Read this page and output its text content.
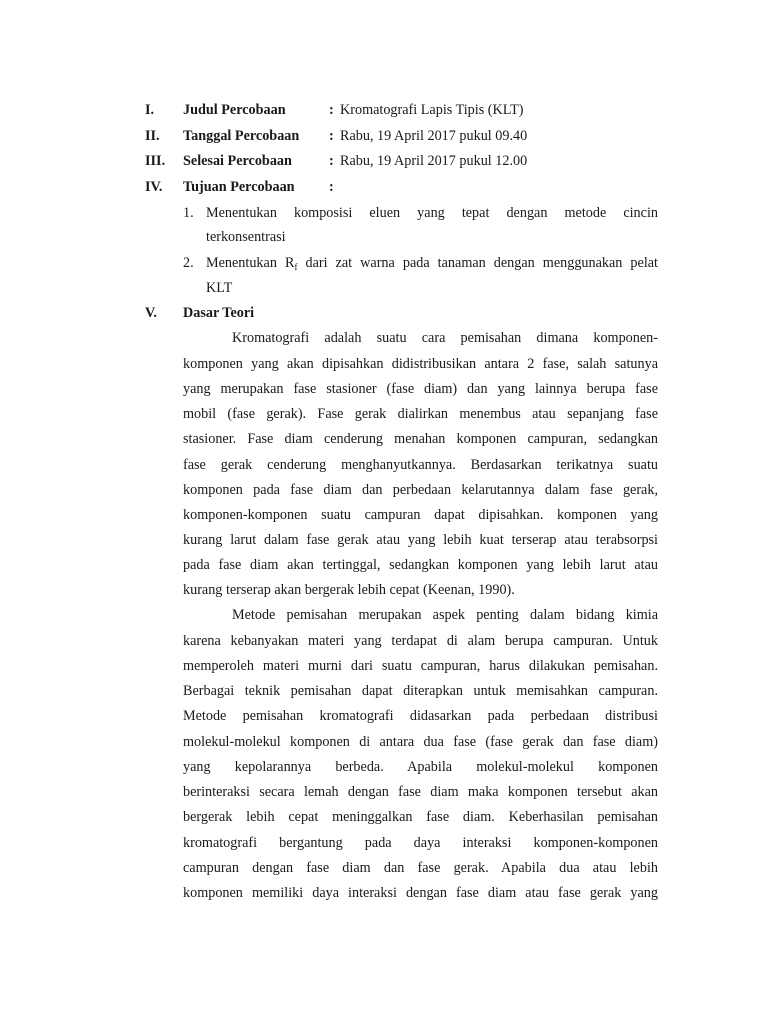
I. Judul Percobaan	: Kromatografi Lapis Tipis (KLT)
II. Tanggal Percobaan : Rabu, 19 April 2017 pukul 09.40
III. Selesai Percobaan	: Rabu, 19 April 2017 pukul 12.00
IV. Tujuan Percobaan :
1. Menentukan komposisi eluen yang tepat dengan metode cincin
terkonsentrasi
2. Menentukan $R_f$ dari zat warna pada tanaman dengan menggunakan pelat
KLT
V. Dasar Teori
Kromatografi adalah suatu cara pemisahan dimana komponen-
komponen yang akan dipisahkan didistribusikan antara 2 fase, salah satunya
yang merupakan fase stasioner (fase diam) dan yang lainnya berupa fase
mobil (fase gerak). Fase gerak dialirkan menembus atau sepanjang fase
stasioner. Fase diam cenderung menahan komponen campuran, sedangkan
fase gerak cenderung menghanyutkannya. Berdasarkan terikatnya suatu
komponen pada fase diam dan perbedaan kelarutannya dalam fase gerak,
komponen-komponen suatu campuran dapat dipisahkan. komponen yang
kurang larut dalam fase gerak atau yang lebih kuat terserap atau terabsorpsi
pada fase diam akan tertinggal, sedangkan komponen yang lebih larut atau
kurang terserap akan bergerak lebih cepat (Keenan, 1990).
Metode pemisahan merupakan aspek penting dalam bidang kimia
karena kebanyakan materi yang terdapat di alam berupa campuran. Untuk
memperoleh materi murni dari suatu campuran, harus dilakukan pemisahan.
Berbagai teknik pemisahan dapat diterapkan untuk memisahkan campuran.
Metode pemisahan kromatografi didasarkan pada perbedaan distribusi
molekul-molekul komponen di antara dua fase (fase gerak dan fase diam)
yang kepolarannya berbeda. Apabila molekul-molekul komponen
berinteraksi secara lemah dengan fase diam maka komponen tersebut akan
bergerak lebih cepat meninggalkan fase diam. Keberhasilan pemisahan
kromatografi bergantung pada daya interaksi komponen-komponen
campuran dengan fase diam dan fase gerak. Apabila dua atau lebih
komponen memiliki daya interaksi dengan fase diam atau fase gerak yang
